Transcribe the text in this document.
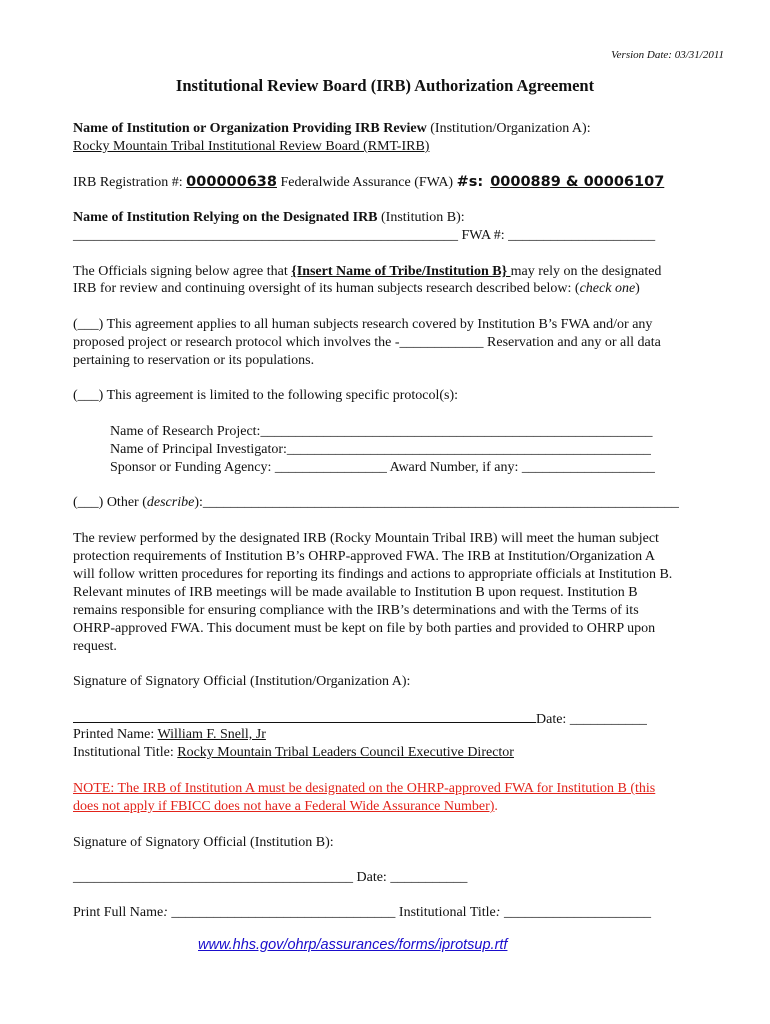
Version Date: 03/31/2011
Institutional Review Board (IRB) Authorization Agreement
Name of Institution or Organization Providing IRB Review (Institution/Organization A):
Rocky Mountain Tribal Institutional Review Board (RMT-IRB)
IRB Registration #: 000000638 Federalwide Assurance (FWA) #s: 0000889 & 00006107
Name of Institution Relying on the Designated IRB (Institution B):
_______________________________________________________ FWA #: _____________________
The Officials signing below agree that {Insert Name of Tribe/Institution B} may rely on the designated
IRB for review and continuing oversight of its human subjects research described below: (check one)
(___) This agreement applies to all human subjects research covered by Institution B’s FWA and/or any
proposed project or research protocol which involves the -____________ Reservation and any or all data
pertaining to reservation or its populations.
(___) This agreement is limited to the following specific protocol(s):
Name of Research Project:________________________________________________________
Name of Principal Investigator:____________________________________________________
Sponsor or Funding Agency: ________________ Award Number, if any: ___________________
(___) Other (describe):____________________________________________________________________
The review performed by the designated IRB (Rocky Mountain Tribal IRB) will meet the human subject
protection requirements of Institution B’s OHRP-approved FWA. The IRB at Institution/Organization A
will follow written procedures for reporting its findings and actions to appropriate officials at Institution B.
Relevant minutes of IRB meetings will be made available to Institution B upon request. Institution B
remains responsible for ensuring compliance with the IRB’s determinations and with the Terms of its
OHRP-approved FWA. This document must be kept on file by both parties and provided to OHRP upon
request.
Signature of Signatory Official (Institution/Organization A):
Date: ___________
Printed Name: William F. Snell, Jr
Institutional Title: Rocky Mountain Tribal Leaders Council Executive Director
NOTE: The IRB of Institution A must be designated on the OHRP-approved FWA for Institution B (this
does not apply if FBICC does not have a Federal Wide Assurance Number).
Signature of Signatory Official (Institution B):
________________________________________ Date: ___________
Print Full Name: ________________________________ Institutional Title: _____________________
www.hhs.gov/ohrp/assurances/forms/iprotsup.rtf
